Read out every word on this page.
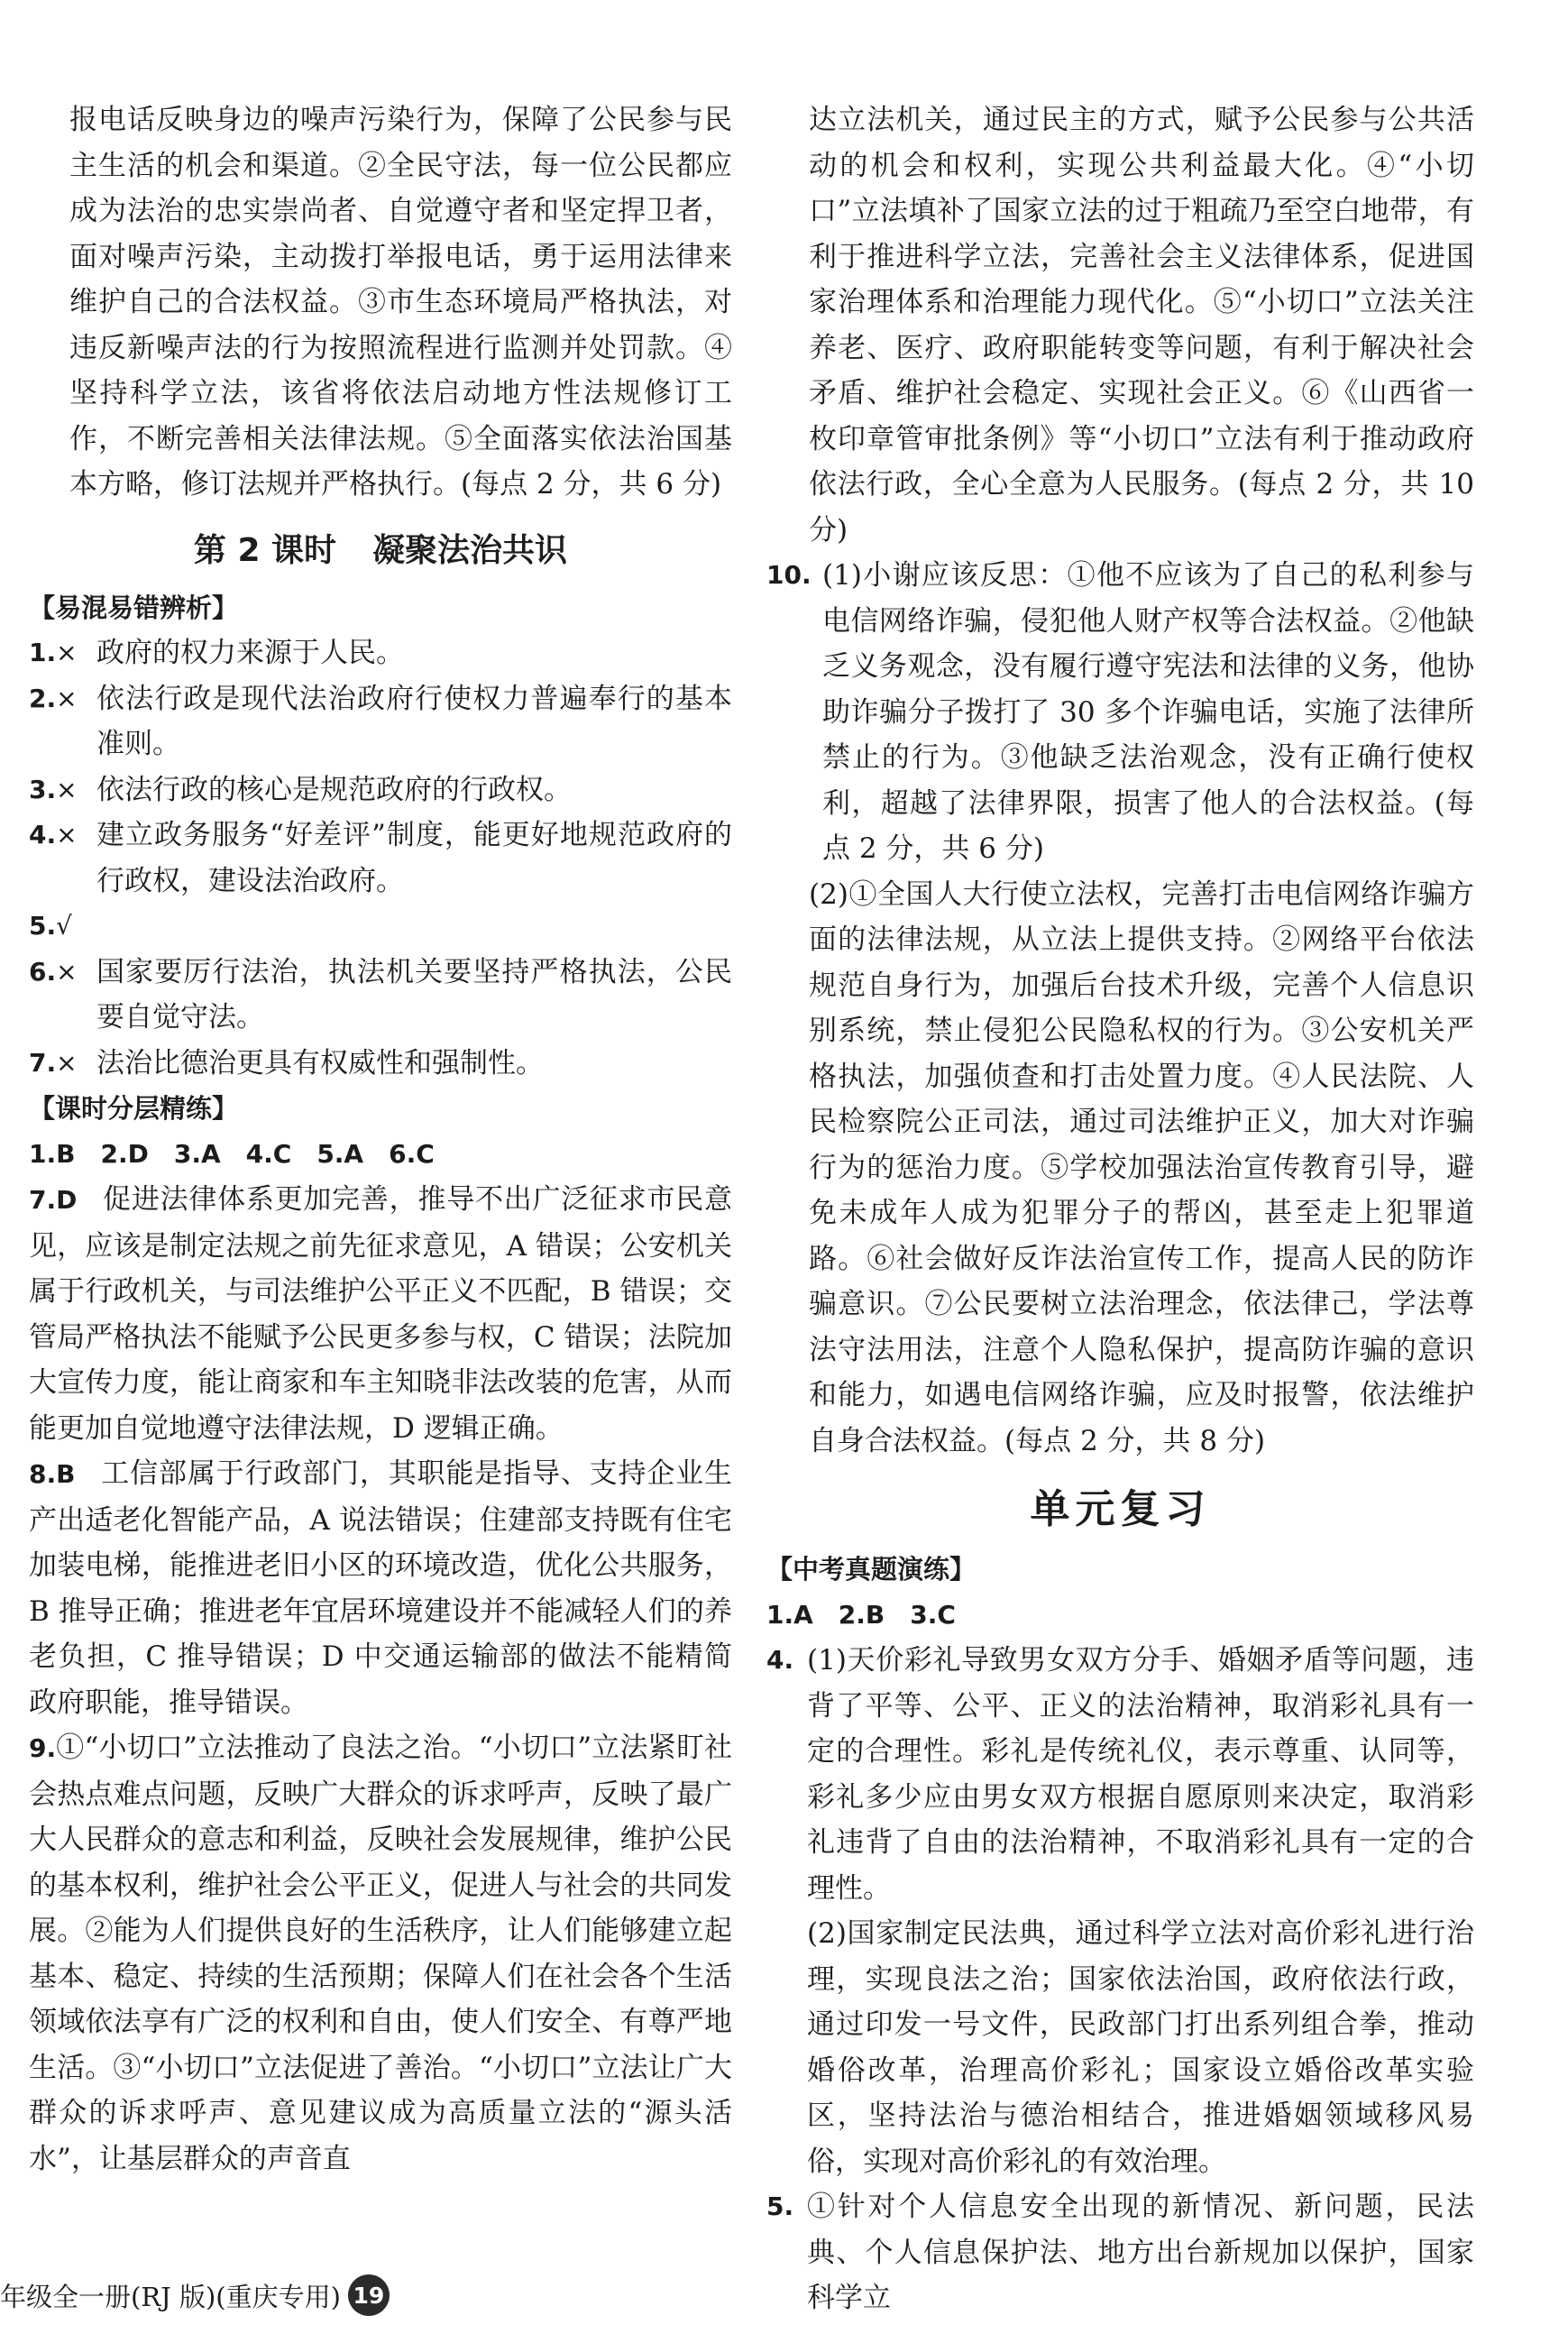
报电话反映身边的噪声污染行为，保障了公民参与民主生活的机会和渠道。②全民守法，每一位公民都应成为法治的忠实崇尚者、自觉遵守者和坚定捍卫者，面对噪声污染，主动拨打举报电话，勇于运用法律来维护自己的合法权益。③市生态环境局严格执法，对违反新噪声法的行为按照流程进行监测并处罚款。④坚持科学立法，该省将依法启动地方性法规修订工作，不断完善相关法律法规。⑤全面落实依法治国基本方略，修订法规并严格执行。(每点 2 分，共 6 分)

第 2 课时 凝聚法治共识

【易混易错辨析】

1.× 政府的权力来源于人民。
2.× 依法行政是现代法治政府行使权力普遍奉行的基本准则。
3.× 依法行政的核心是规范政府的行政权。
4.× 建立政务服务“好差评”制度，能更好地规范政府的行政权，建设法治政府。
5.√
6.× 国家要厉行法治，执法机关要坚持严格执法，公民要自觉守法。
7.× 法治比德治更具有权威性和强制性。

【课时分层精练】

1.B 2.D 3.A 4.C 5.A 6.C

7.D 促进法律体系更加完善，推导不出广泛征求市民意见，应该是制定法规之前先征求意见，A 错误；公安机关属于行政机关，与司法维护公平正义不匹配，B 错误；交管局严格执法不能赋予公民更多参与权，C 错误；法院加大宣传力度，能让商家和车主知晓非法改装的危害，从而能更加自觉地遵守法律法规，D 逻辑正确。

8.B 工信部属于行政部门，其职能是指导、支持企业生产出适老化智能产品，A 说法错误；住建部支持既有住宅加装电梯，能推进老旧小区的环境改造，优化公共服务，B 推导正确；推进老年宜居环境建设并不能减轻人们的养老负担，C 推导错误；D 中交通运输部的做法不能精简政府职能，推导错误。

9.①“小切口”立法推动了良法之治。“小切口”立法紧盯社会热点难点问题，反映广大群众的诉求呼声，反映了最广大人民群众的意志和利益，反映社会发展规律，维护公民的基本权利，维护社会公平正义，促进人与社会的共同发展。②能为人们提供良好的生活秩序，让人们能够建立起基本、稳定、持续的生活预期；保障人们在社会各个生活领域依法享有广泛的权利和自由，使人们安全、有尊严地生活。③“小切口”立法促进了善治。“小切口”立法让广大群众的诉求呼声、意见建议成为高质量立法的“源头活水”，让基层群众的声音直

达立法机关，通过民主的方式，赋予公民参与公共活动的机会和权利，实现公共利益最大化。④“小切口”立法填补了国家立法的过于粗疏乃至空白地带，有利于推进科学立法，完善社会主义法律体系，促进国家治理体系和治理能力现代化。⑤“小切口”立法关注养老、医疗、政府职能转变等问题，有利于解决社会矛盾、维护社会稳定、实现社会正义。⑥《山西省一枚印章管审批条例》等“小切口”立法有利于推动政府依法行政，全心全意为人民服务。(每点 2 分，共 10 分)

10. (1)小谢应该反思：①他不应该为了自己的私利参与电信网络诈骗，侵犯他人财产权等合法权益。②他缺乏义务观念，没有履行遵守宪法和法律的义务，他协助诈骗分子拨打了 30 多个诈骗电话，实施了法律所禁止的行为。③他缺乏法治观念，没有正确行使权利，超越了法律界限，损害了他人的合法权益。(每点 2 分，共 6 分)

(2)①全国人大行使立法权，完善打击电信网络诈骗方面的法律法规，从立法上提供支持。②网络平台依法规范自身行为，加强后台技术升级，完善个人信息识别系统，禁止侵犯公民隐私权的行为。③公安机关严格执法，加强侦查和打击处置力度。④人民法院、人民检察院公正司法，通过司法维护正义，加大对诈骗行为的惩治力度。⑤学校加强法治宣传教育引导，避免未成年人成为犯罪分子的帮凶，甚至走上犯罪道路。⑥社会做好反诈法治宣传工作，提高人民的防诈骗意识。⑦公民要树立法治理念，依法律己，学法尊法守法用法，注意个人隐私保护，提高防诈骗的意识和能力，如遇电信网络诈骗，应及时报警，依法维护自身合法权益。(每点 2 分，共 8 分)

单元复习

【中考真题演练】

1.A 2.B 3.C

4. (1)天价彩礼导致男女双方分手、婚姻矛盾等问题，违背了平等、公平、正义的法治精神，取消彩礼具有一定的合理性。彩礼是传统礼仪，表示尊重、认同等，彩礼多少应由男女双方根据自愿原则来决定，取消彩礼违背了自由的法治精神，不取消彩礼具有一定的合理性。

(2)国家制定民法典，通过科学立法对高价彩礼进行治理，实现良法之治；国家依法治国，政府依法行政，通过印发一号文件，民政部门打出系列组合拳，推动婚俗改革，治理高价彩礼；国家设立婚俗改革实验区，坚持法治与德治相结合，推进婚姻领域移风易俗，实现对高价彩礼的有效治理。

5. ①针对个人信息安全出现的新情况、新问题，民法典、个人信息保护法、地方出台新规加以保护，国家科学立
年级全一册(RJ 版)(重庆专用) 19
